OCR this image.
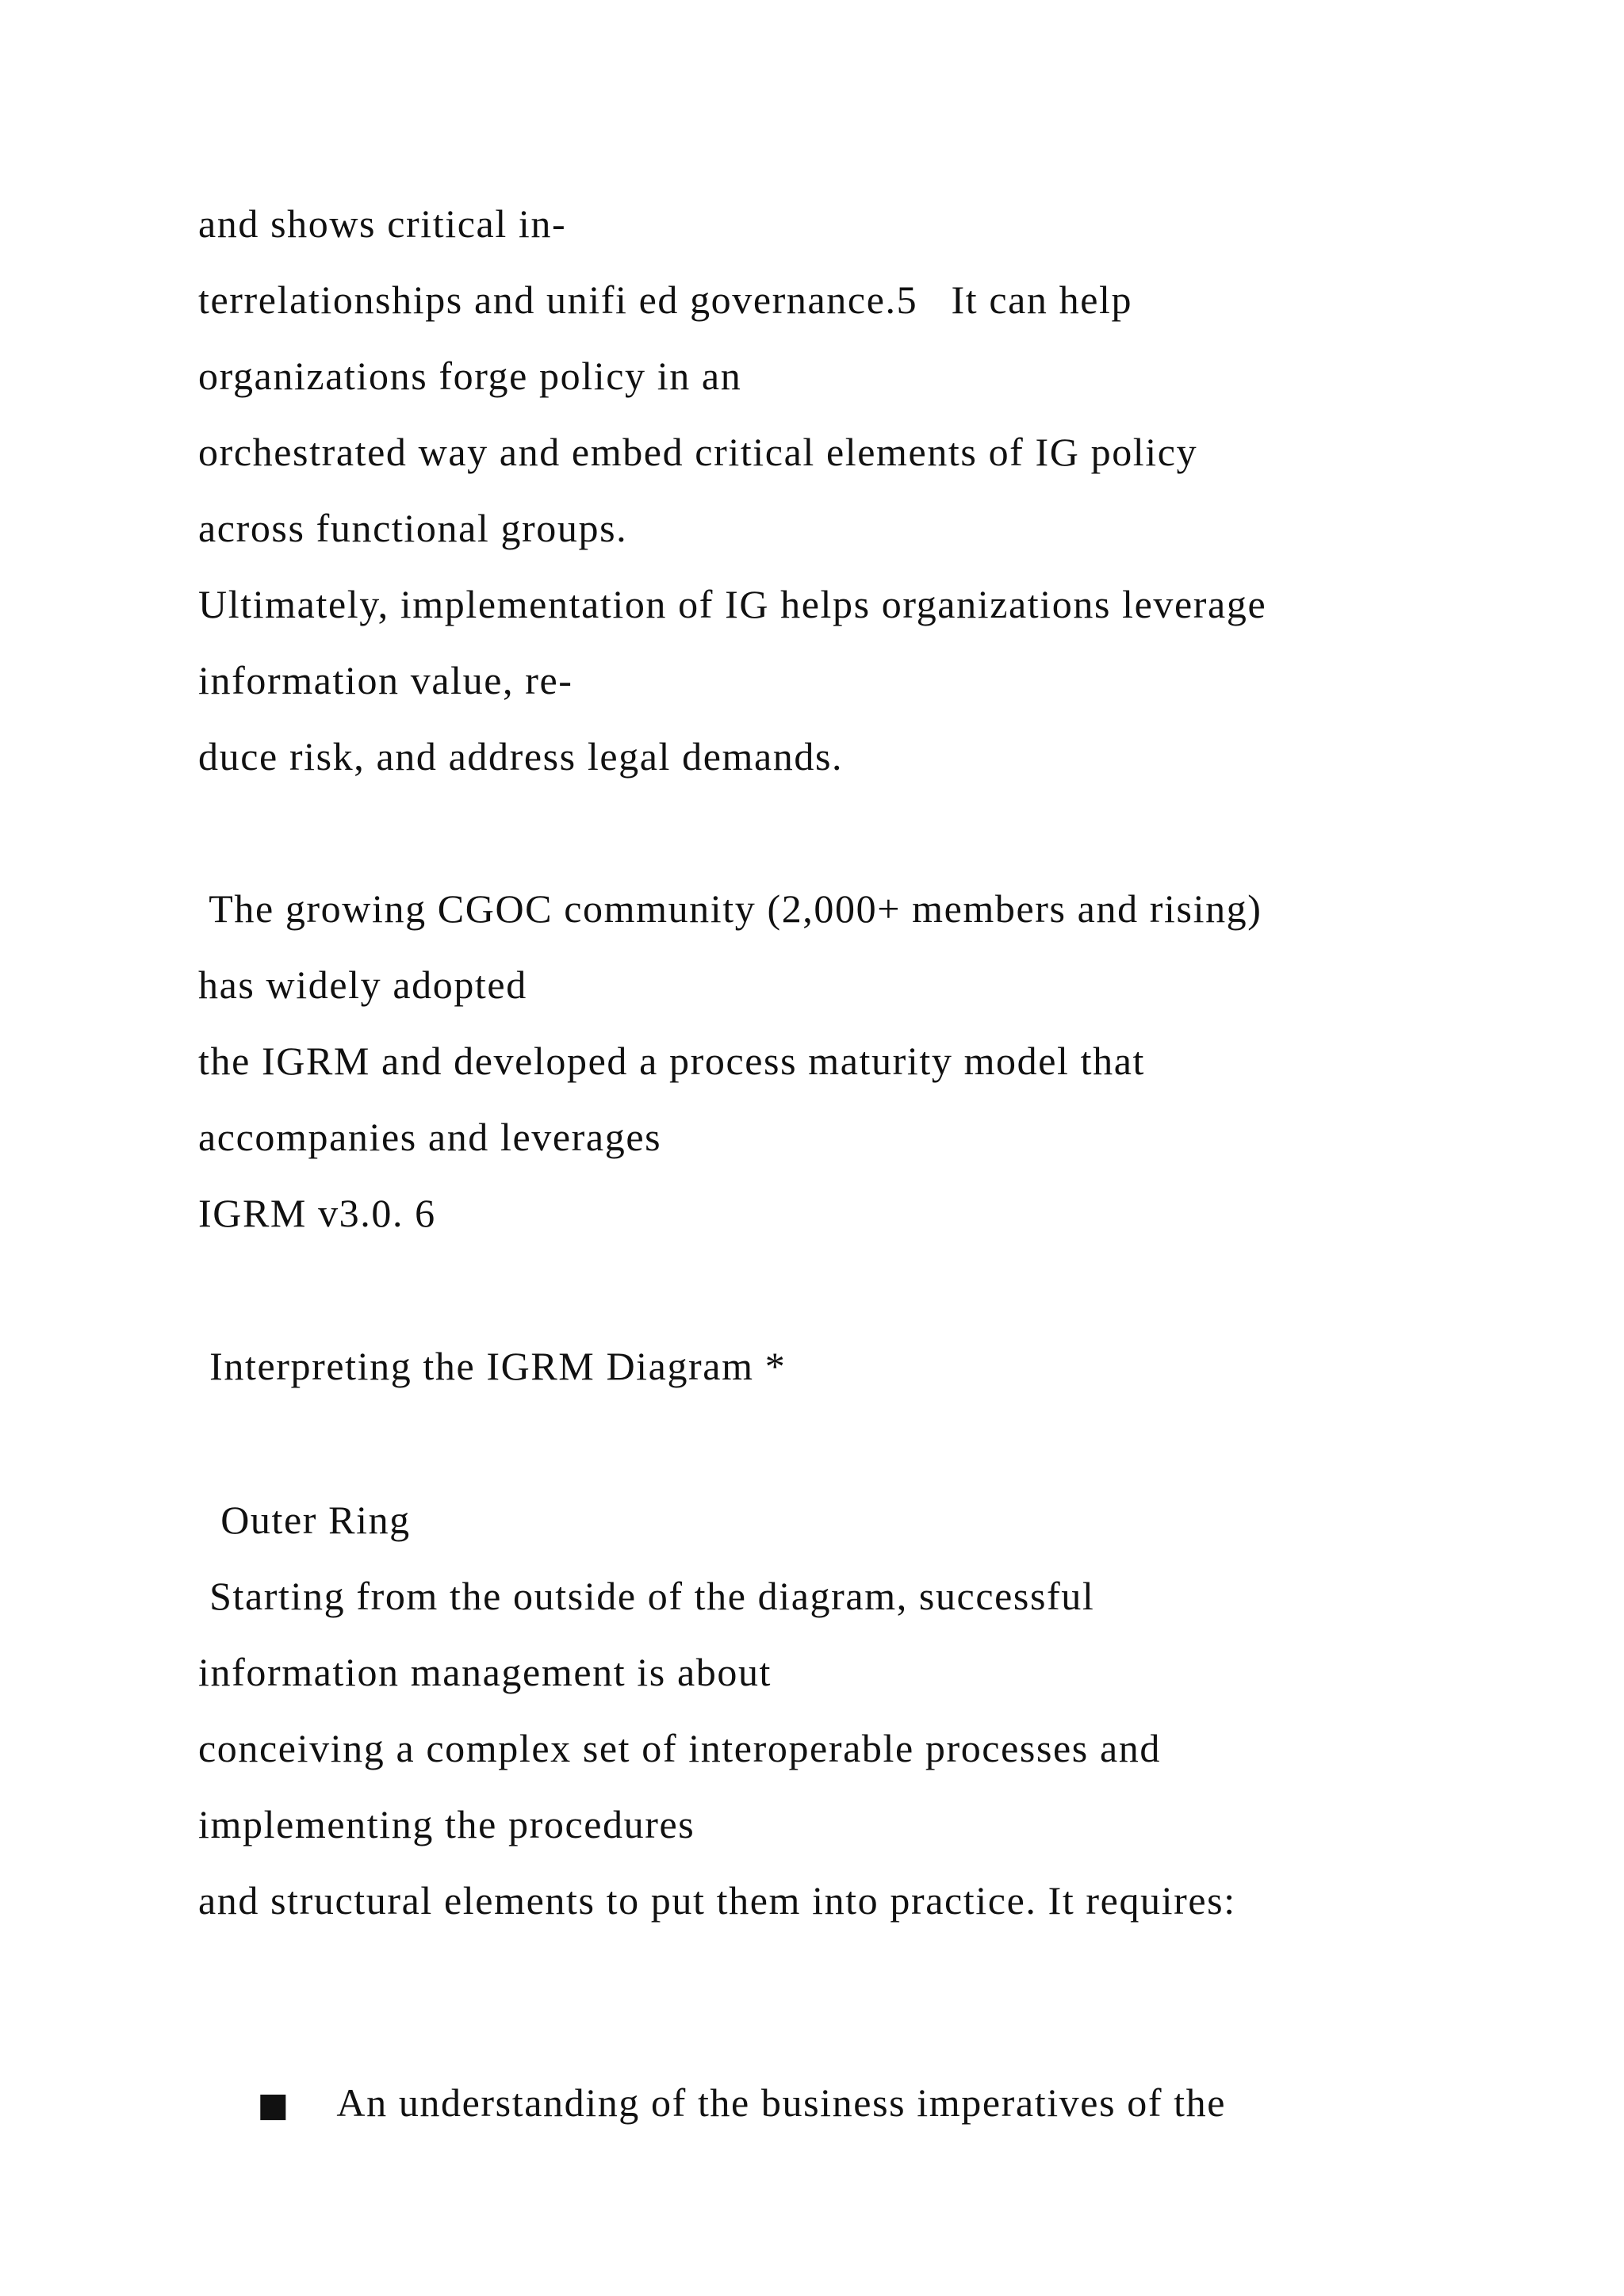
and shows critical in-

terrelationships and unifi ed governance.5   It can help

organizations forge policy in an

orchestrated way and embed critical elements of IG policy

across functional groups.

Ultimately, implementation of IG helps organizations leverage

information value, re-

duce risk, and address legal demands.

The growing CGOC community (2,000+ members and rising)

has widely adopted

the IGRM and developed a process maturity model that

accompanies and leverages

IGRM v3.0. 6

Interpreting the IGRM Diagram *

Outer Ring

Starting from the outside of the diagram, successful

information management is about

conceiving a complex set of interoperable processes and

implementing the procedures

and structural elements to put them into practice. It requires:

■ An understanding of the business imperatives of the
